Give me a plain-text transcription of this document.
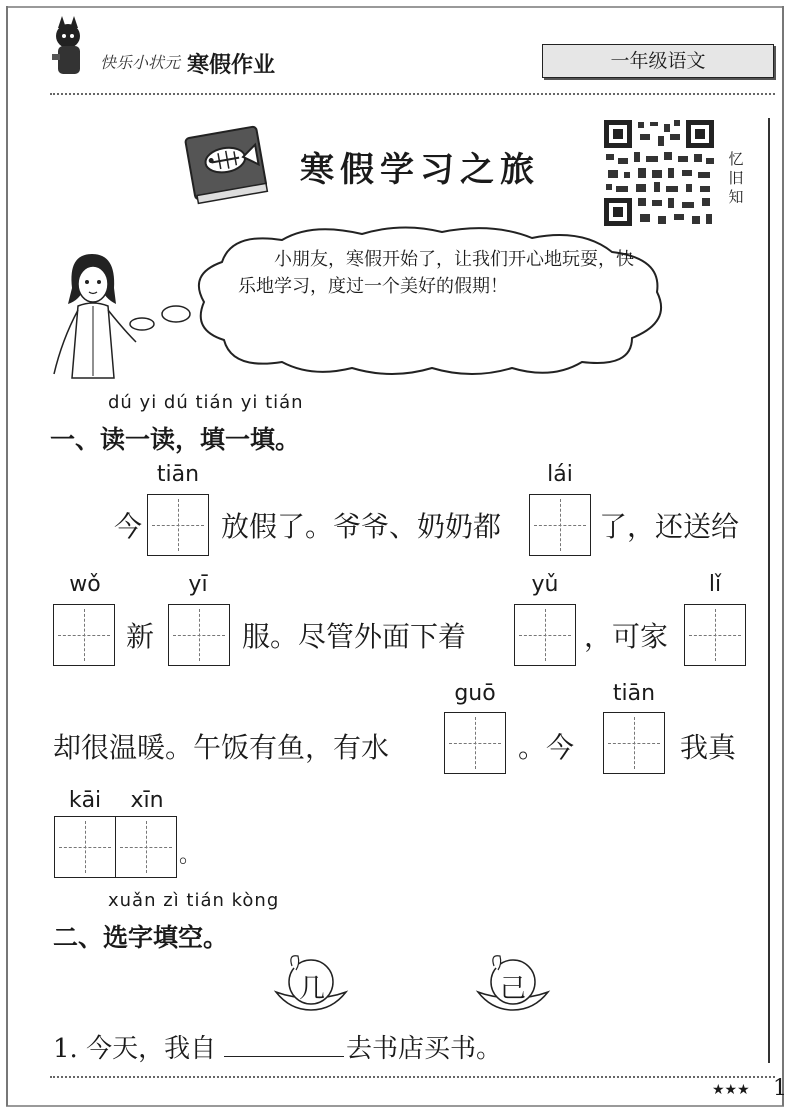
快乐小状元 寒假作业	一年级语文
寒假学习之旅	忆旧知
小朋友，寒假开始了，让我们开心地玩耍，快乐地学习，度过一个美好的假期！
dú yi dú tián yi tián
一、读一读，填一填。
tiān	lái
今	放假了。爷爷、奶奶都	了，还送给
wǒ	yī	yǔ	lǐ
新	服。尽管外面下着	，可家
guō	tiān
却很温暖。午饭有鱼，有水	。今	我真
kāi	xīn
。
xuǎn zì tián kòng
二、选字填空。
几	己
1. 今天，我自	去书店买书。
★★★ 1
